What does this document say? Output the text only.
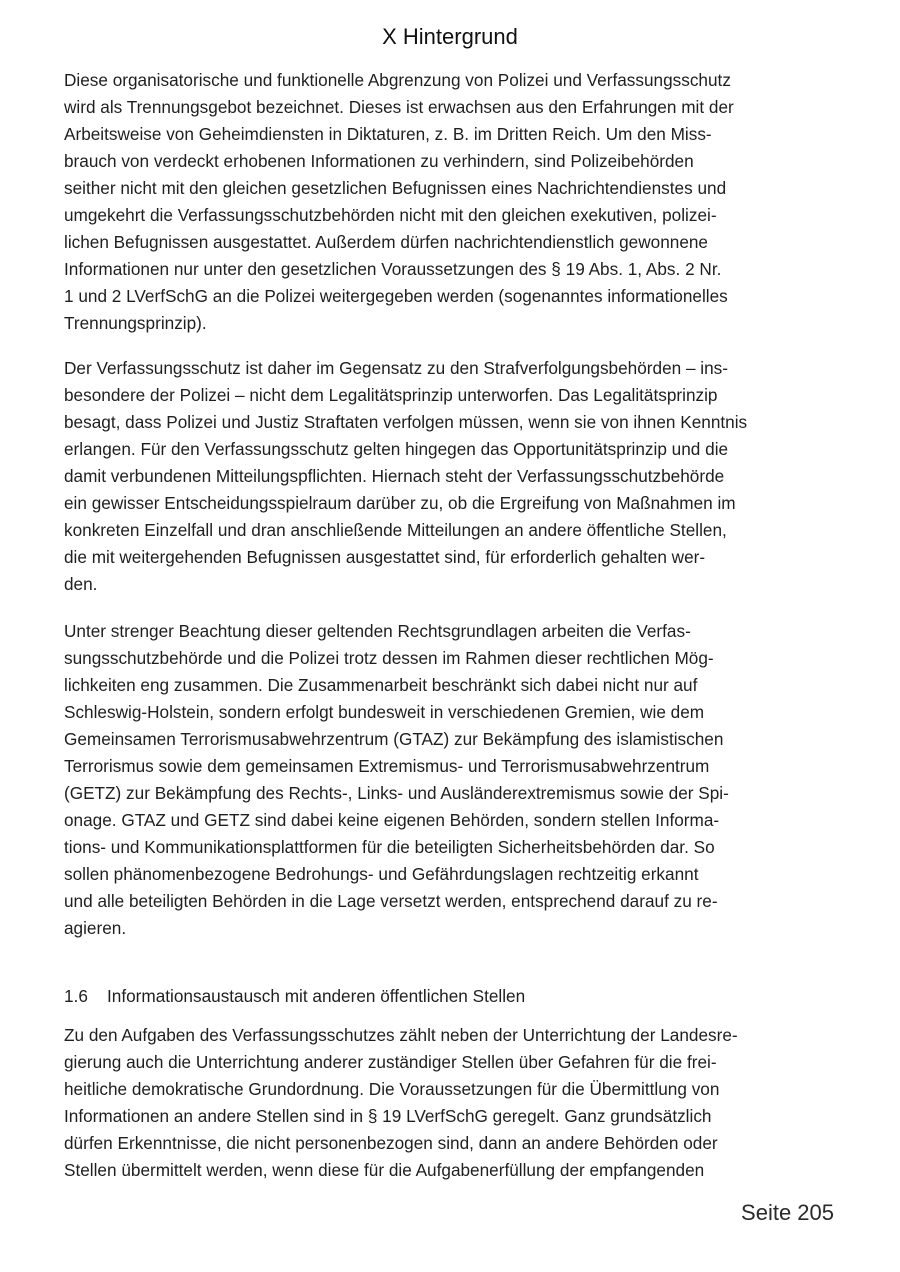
X Hintergrund
Diese organisatorische und funktionelle Abgrenzung von Polizei und Verfassungsschutz
wird als Trennungsgebot bezeichnet. Dieses ist erwachsen aus den Erfahrungen mit der
Arbeitsweise von Geheimdiensten in Diktaturen, z. B. im Dritten Reich. Um den Miss-
brauch von verdeckt erhobenen Informationen zu verhindern, sind Polizeibehörden
seither nicht mit den gleichen gesetzlichen Befugnissen eines Nachrichtendienstes und
umgekehrt die Verfassungsschutzbehörden nicht mit den gleichen exekutiven, polizei-
lichen Befugnissen ausgestattet. Außerdem dürfen nachrichtendienstlich gewonnene
Informationen nur unter den gesetzlichen Voraussetzungen des § 19 Abs. 1, Abs. 2 Nr.
1 und 2 LVerfSchG an die Polizei weitergegeben werden (sogenanntes informationelles
Trennungsprinzip).
Der Verfassungsschutz ist daher im Gegensatz zu den Strafverfolgungsbehörden – ins-
besondere der Polizei – nicht dem Legalitätsprinzip unterworfen. Das Legalitätsprinzip
besagt, dass Polizei und Justiz Straftaten verfolgen müssen, wenn sie von ihnen Kenntnis
erlangen. Für den Verfassungsschutz gelten hingegen das Opportunitätsprinzip und die
damit verbundenen Mitteilungspflichten. Hiernach steht der Verfassungsschutzbehörde
ein gewisser Entscheidungsspielraum darüber zu, ob die Ergreifung von Maßnahmen im
konkreten Einzelfall und dran anschließende Mitteilungen an andere öffentliche Stellen,
die mit weitergehenden Befugnissen ausgestattet sind, für erforderlich gehalten wer-
den.
Unter strenger Beachtung dieser geltenden Rechtsgrundlagen arbeiten die Verfas-
sungsschutzbehörde und die Polizei trotz dessen im Rahmen dieser rechtlichen Mög-
lichkeiten eng zusammen. Die Zusammenarbeit beschränkt sich dabei nicht nur auf
Schleswig-Holstein, sondern erfolgt bundesweit in verschiedenen Gremien, wie dem
Gemeinsamen Terrorismusabwehrzentrum (GTAZ) zur Bekämpfung des islamistischen
Terrorismus sowie dem gemeinsamen Extremismus- und Terrorismusabwehrzentrum
(GETZ) zur Bekämpfung des Rechts-, Links- und Ausländerextremismus sowie der Spi-
onage. GTAZ und GETZ sind dabei keine eigenen Behörden, sondern stellen Informa-
tions- und Kommunikationsplattformen für die beteiligten Sicherheitsbehörden dar. So
sollen phänomenbezogene Bedrohungs- und Gefährdungslagen rechtzeitig erkannt
und alle beteiligten Behörden in die Lage versetzt werden, entsprechend darauf zu re-
agieren.
1.6 Informationsaustausch mit anderen öffentlichen Stellen
Zu den Aufgaben des Verfassungsschutzes zählt neben der Unterrichtung der Landesre-
gierung auch die Unterrichtung anderer zuständiger Stellen über Gefahren für die frei-
heitliche demokratische Grundordnung. Die Voraussetzungen für die Übermittlung von
Informationen an andere Stellen sind in § 19 LVerfSchG geregelt. Ganz grundsätzlich
dürfen Erkenntnisse, die nicht personenbezogen sind, dann an andere Behörden oder
Stellen übermittelt werden, wenn diese für die Aufgabenerfüllung der empfangenden
Seite 205
